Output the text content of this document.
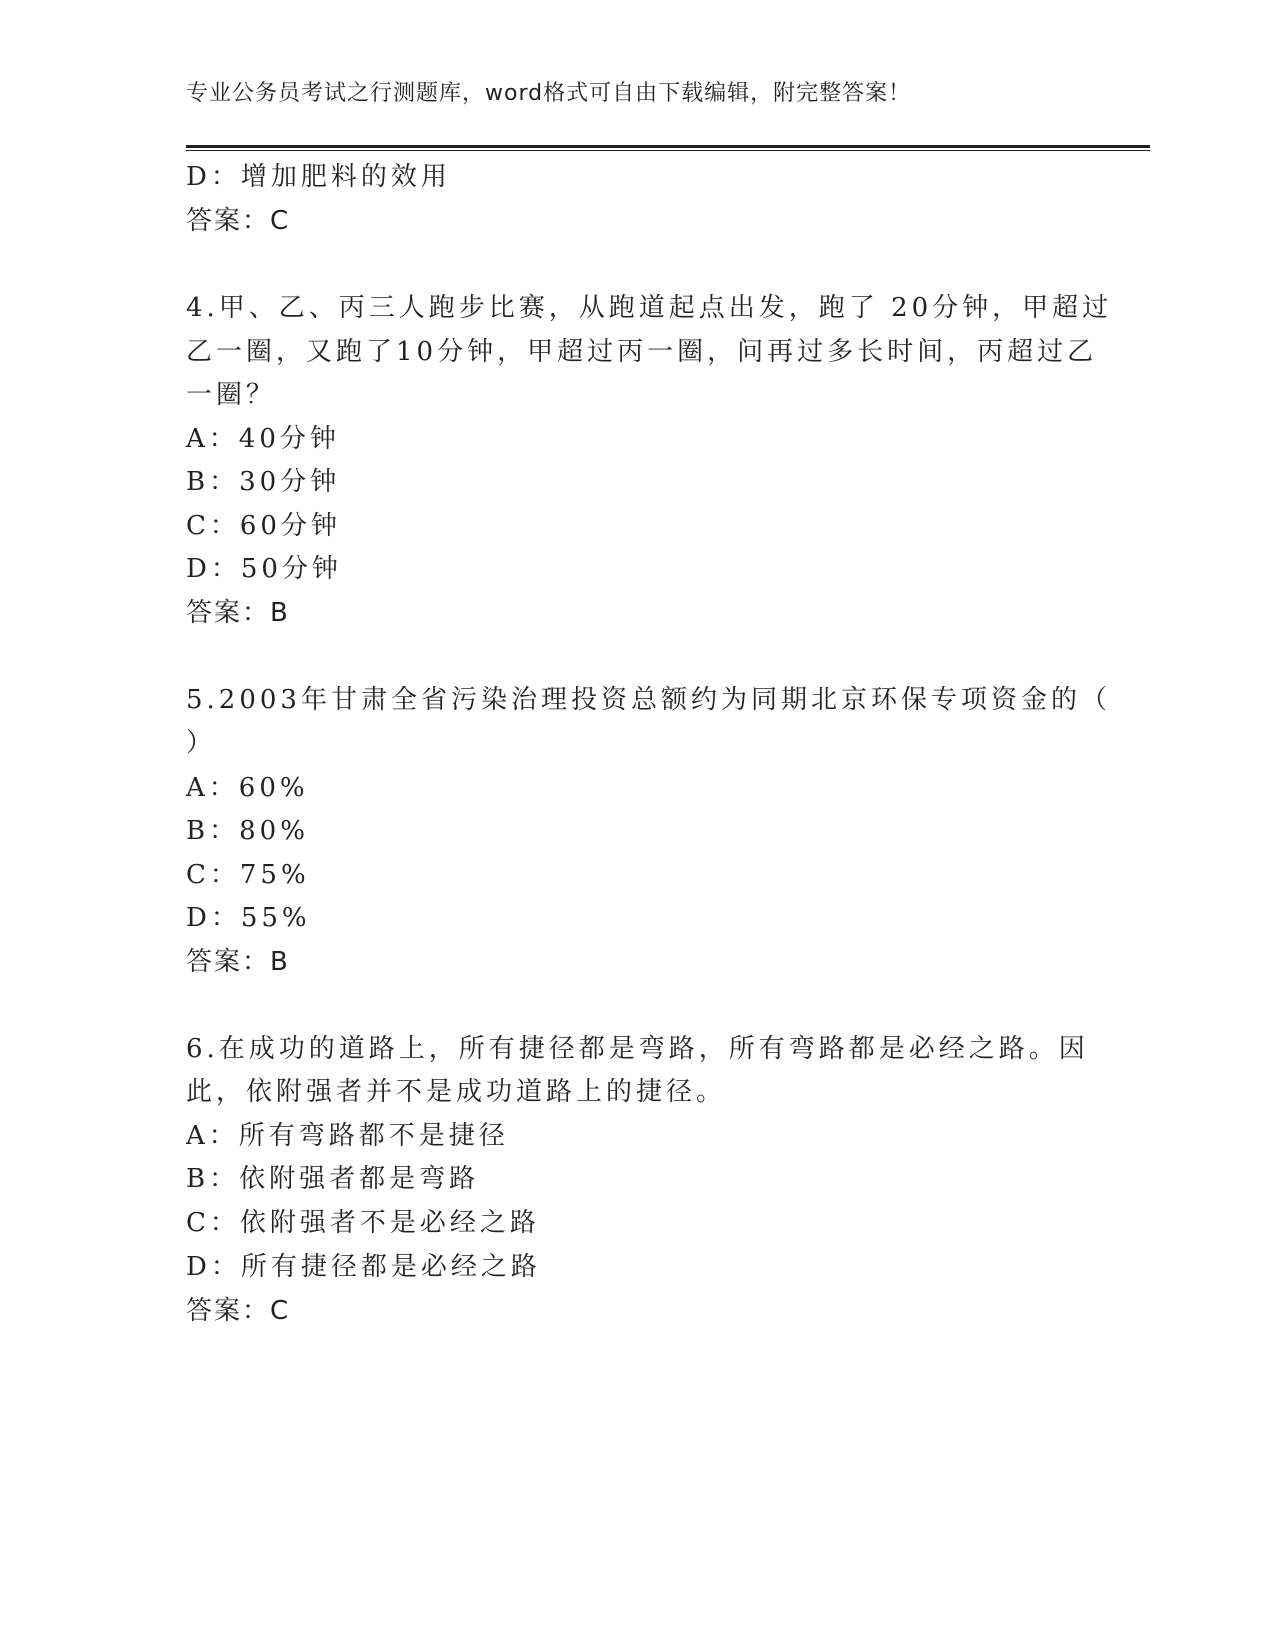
专业公务员考试之行测题库，word格式可自由下载编辑，附完整答案！
D：增加肥料的效用
答案：C
4.甲、乙、丙三人跑步比赛，从跑道起点出发，跑了 20分钟，甲超过
乙一圈，又跑了10分钟，甲超过丙一圈，问再过多长时间，丙超过乙
一圈？
A：40分钟
B：30分钟
C：60分钟
D：50分钟
答案：B
5.2003年甘肃全省污染治理投资总额约为同期北京环保专项资金的（
）
A：60%
B：80%
C：75%
D：55%
答案：B
6.在成功的道路上，所有捷径都是弯路，所有弯路都是必经之路。因
此，依附强者并不是成功道路上的捷径。
A：所有弯路都不是捷径
B：依附强者都是弯路
C：依附强者不是必经之路
D：所有捷径都是必经之路
答案：C
